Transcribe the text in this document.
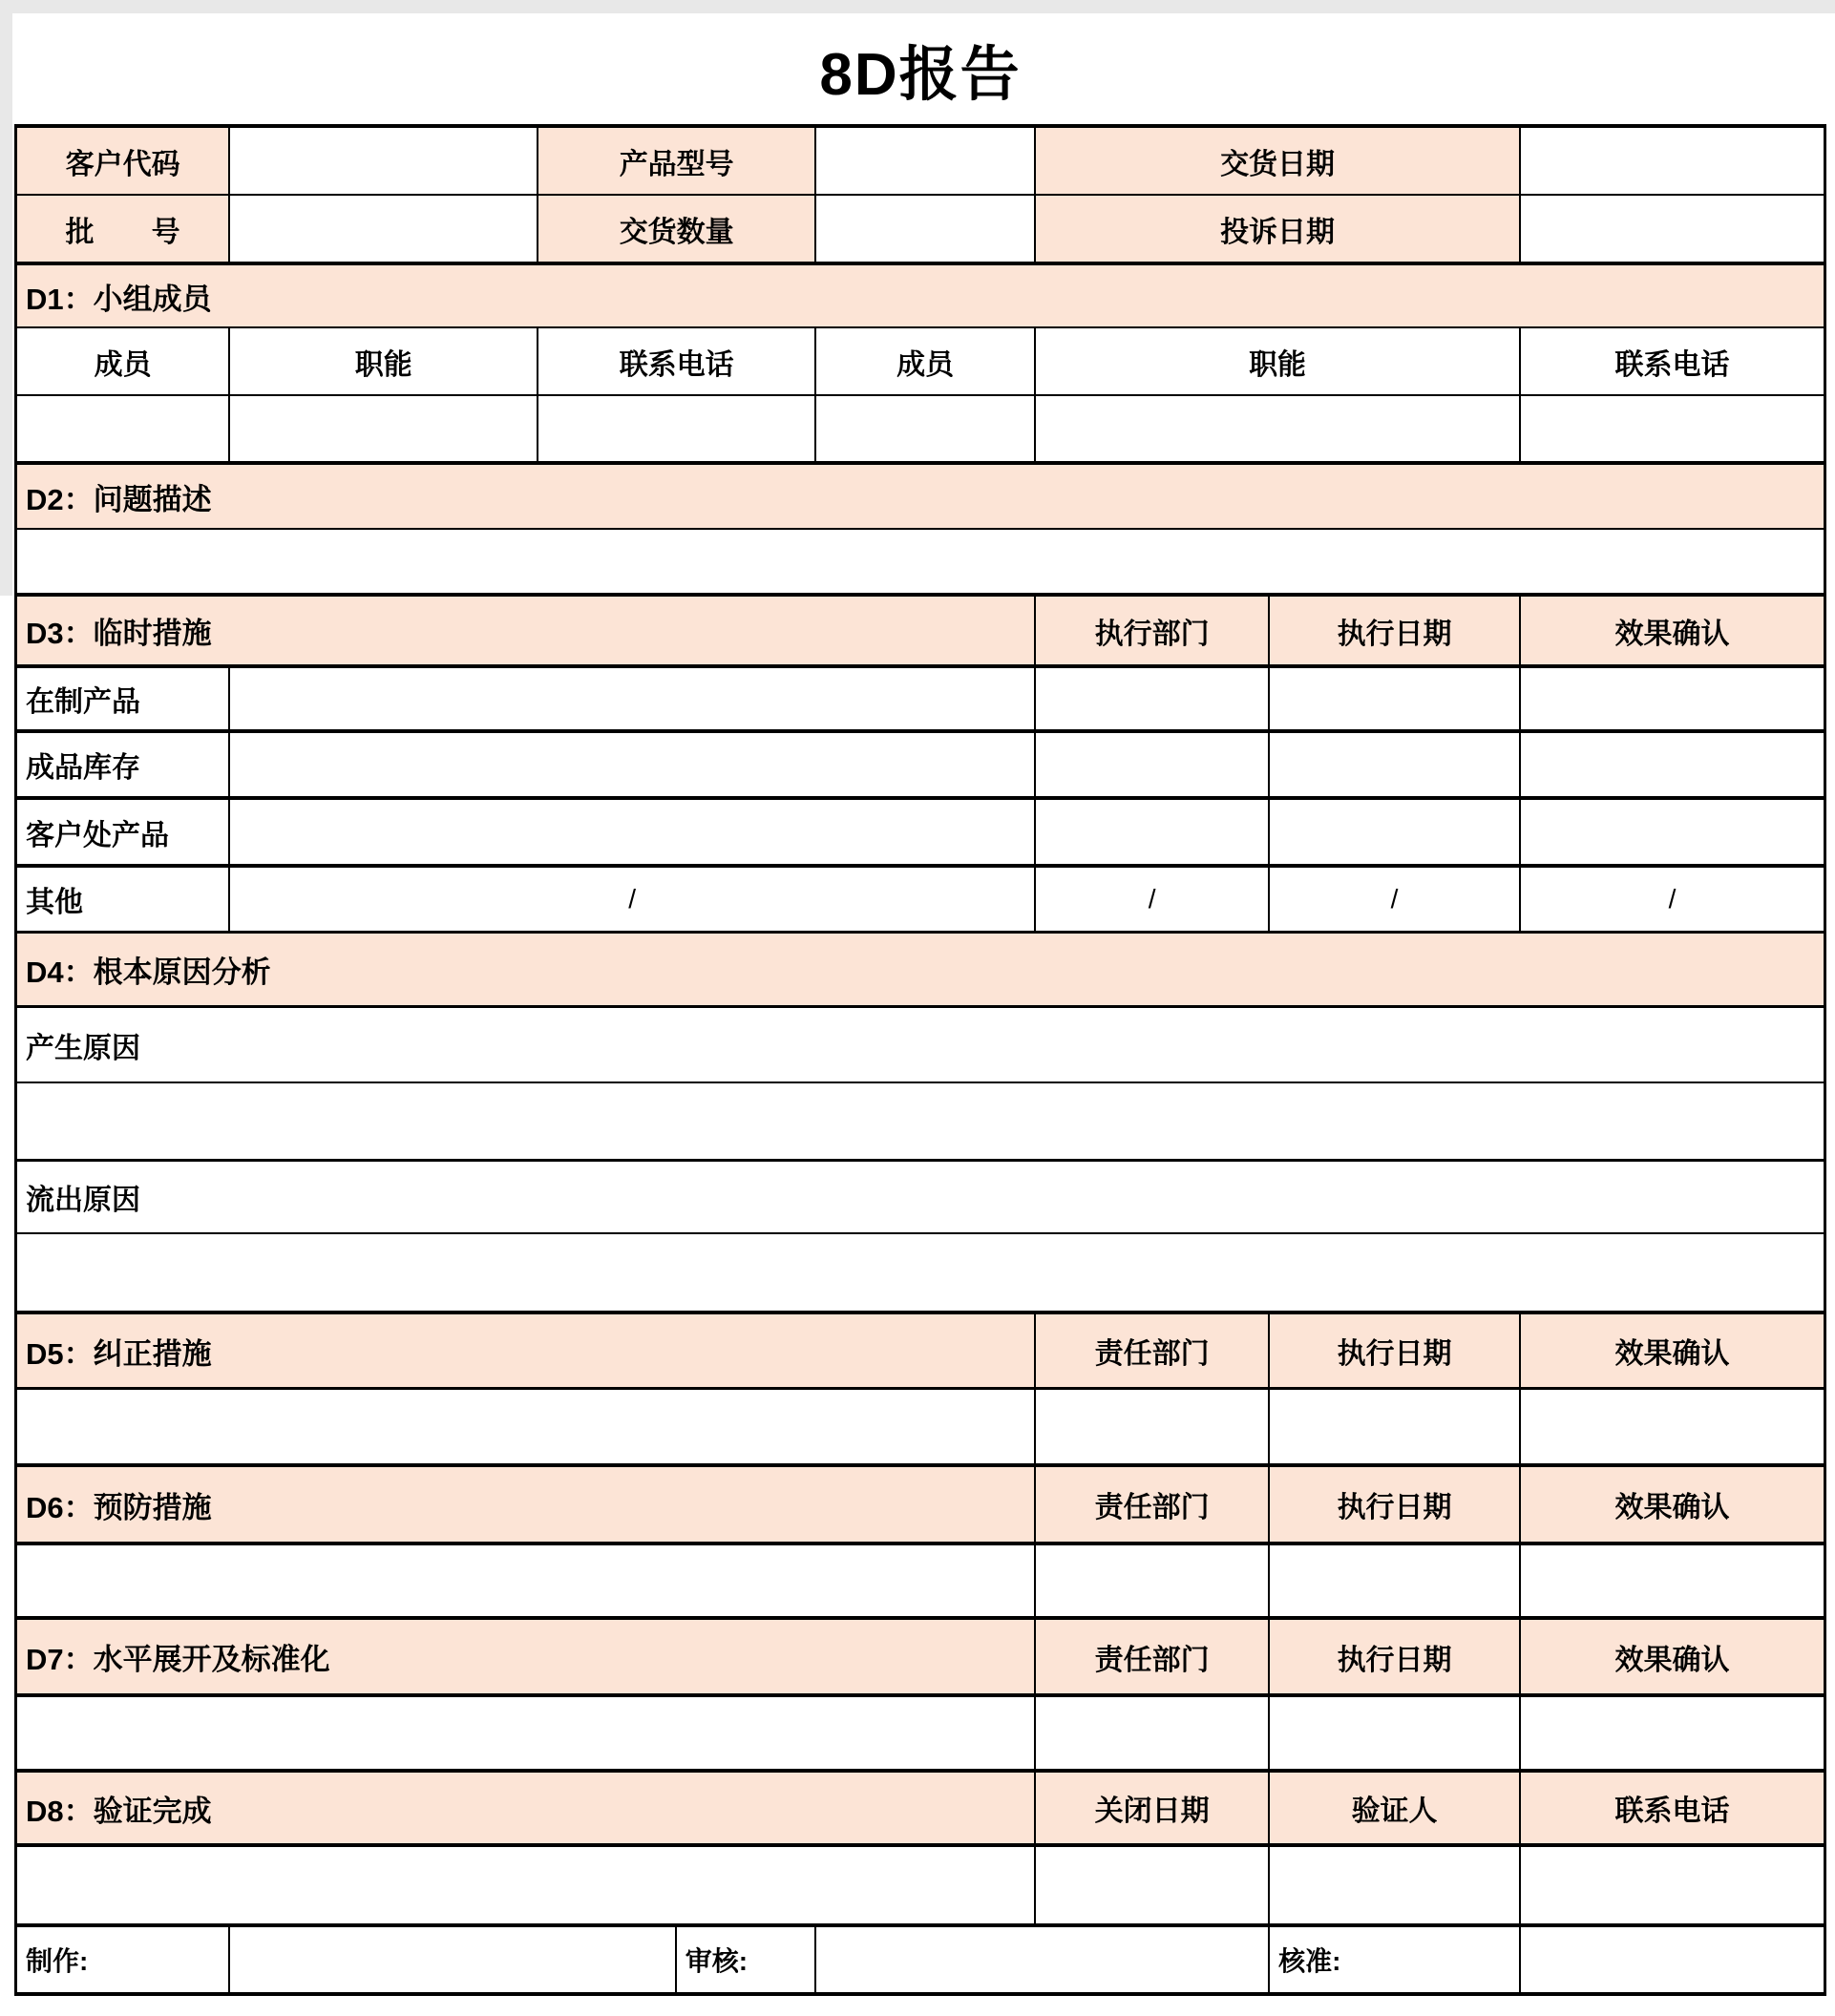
8D报告
客户代码	产品型号	交货日期
批　　号	交货数量	投诉日期
D1：小组成员
成员	职能	联系电话	成员	职能	联系电话
D2：问题描述
D3：临时措施	执行部门	执行日期	效果确认
在制产品
成品库存
客户处产品
其他	/	/	/	/
D4：根本原因分析
产生原因
流出原因
D5：纠正措施	责任部门	执行日期	效果确认
D6：预防措施	责任部门	执行日期	效果确认
D7：水平展开及标准化	责任部门	执行日期	效果确认
D8：验证完成	关闭日期	验证人	联系电话
制作:	审核:	核准:
